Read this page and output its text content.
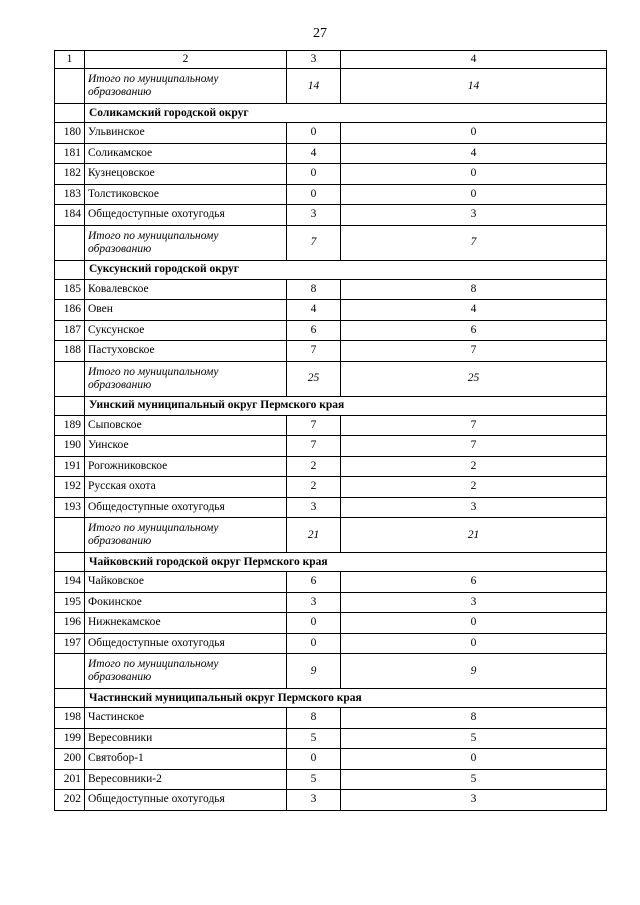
27
1	2	3	4
	Итого по муниципальному образованию	14	14
	Соликамский городской округ		
180	Ульвинское	0	0
181	Соликамское	4	4
182	Кузнецовское	0	0
183	Толстиковское	0	0
184	Общедоступные охотугодья	3	3
	Итого по муниципальному образованию	7	7
	Суксунский городской округ		
185	Ковалевское	8	8
186	Овен	4	4
187	Суксунское	6	6
188	Пастуховское	7	7
	Итого по муниципальному образованию	25	25
	Уинский муниципальный округ Пермского края		
189	Сыповское	7	7
190	Уинское	7	7
191	Рогожниковское	2	2
192	Русская охота	2	2
193	Общедоступные охотугодья	3	3
	Итого по муниципальному образованию	21	21
	Чайковский городской округ Пермского края		
194	Чайковское	6	6
195	Фокинское	3	3
196	Нижнекамское	0	0
197	Общедоступные охотугодья	0	0
	Итого по муниципальному образованию	9	9
	Частинский муниципальный округ Пермского края		
198	Частинское	8	8
199	Вересовники	5	5
200	Святобор-1	0	0
201	Вересовники-2	5	5
202	Общедоступные охотугодья	3	3
